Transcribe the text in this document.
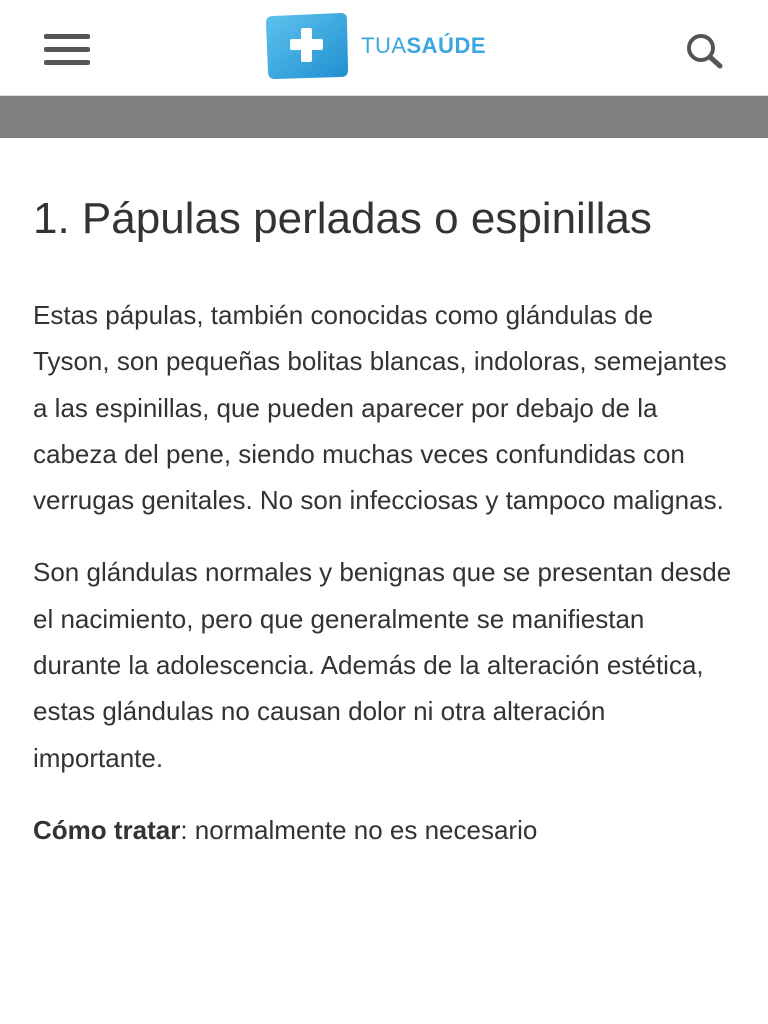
TUASAÚDE
1. Pápulas perladas o espinillas

Estas pápulas, también conocidas como glándulas de Tyson, son pequeñas bolitas blancas, indoloras, semejantes a las espinillas, que pueden aparecer por debajo de la cabeza del pene, siendo muchas veces confundidas con verrugas genitales. No son infecciosas y tampoco malignas.

Son glándulas normales y benignas que se presentan desde el nacimiento, pero que generalmente se manifiestan durante la adolescencia. Además de la alteración estética, estas glándulas no causan dolor ni otra alteración importante.

Cómo tratar: normalmente no es necesario
